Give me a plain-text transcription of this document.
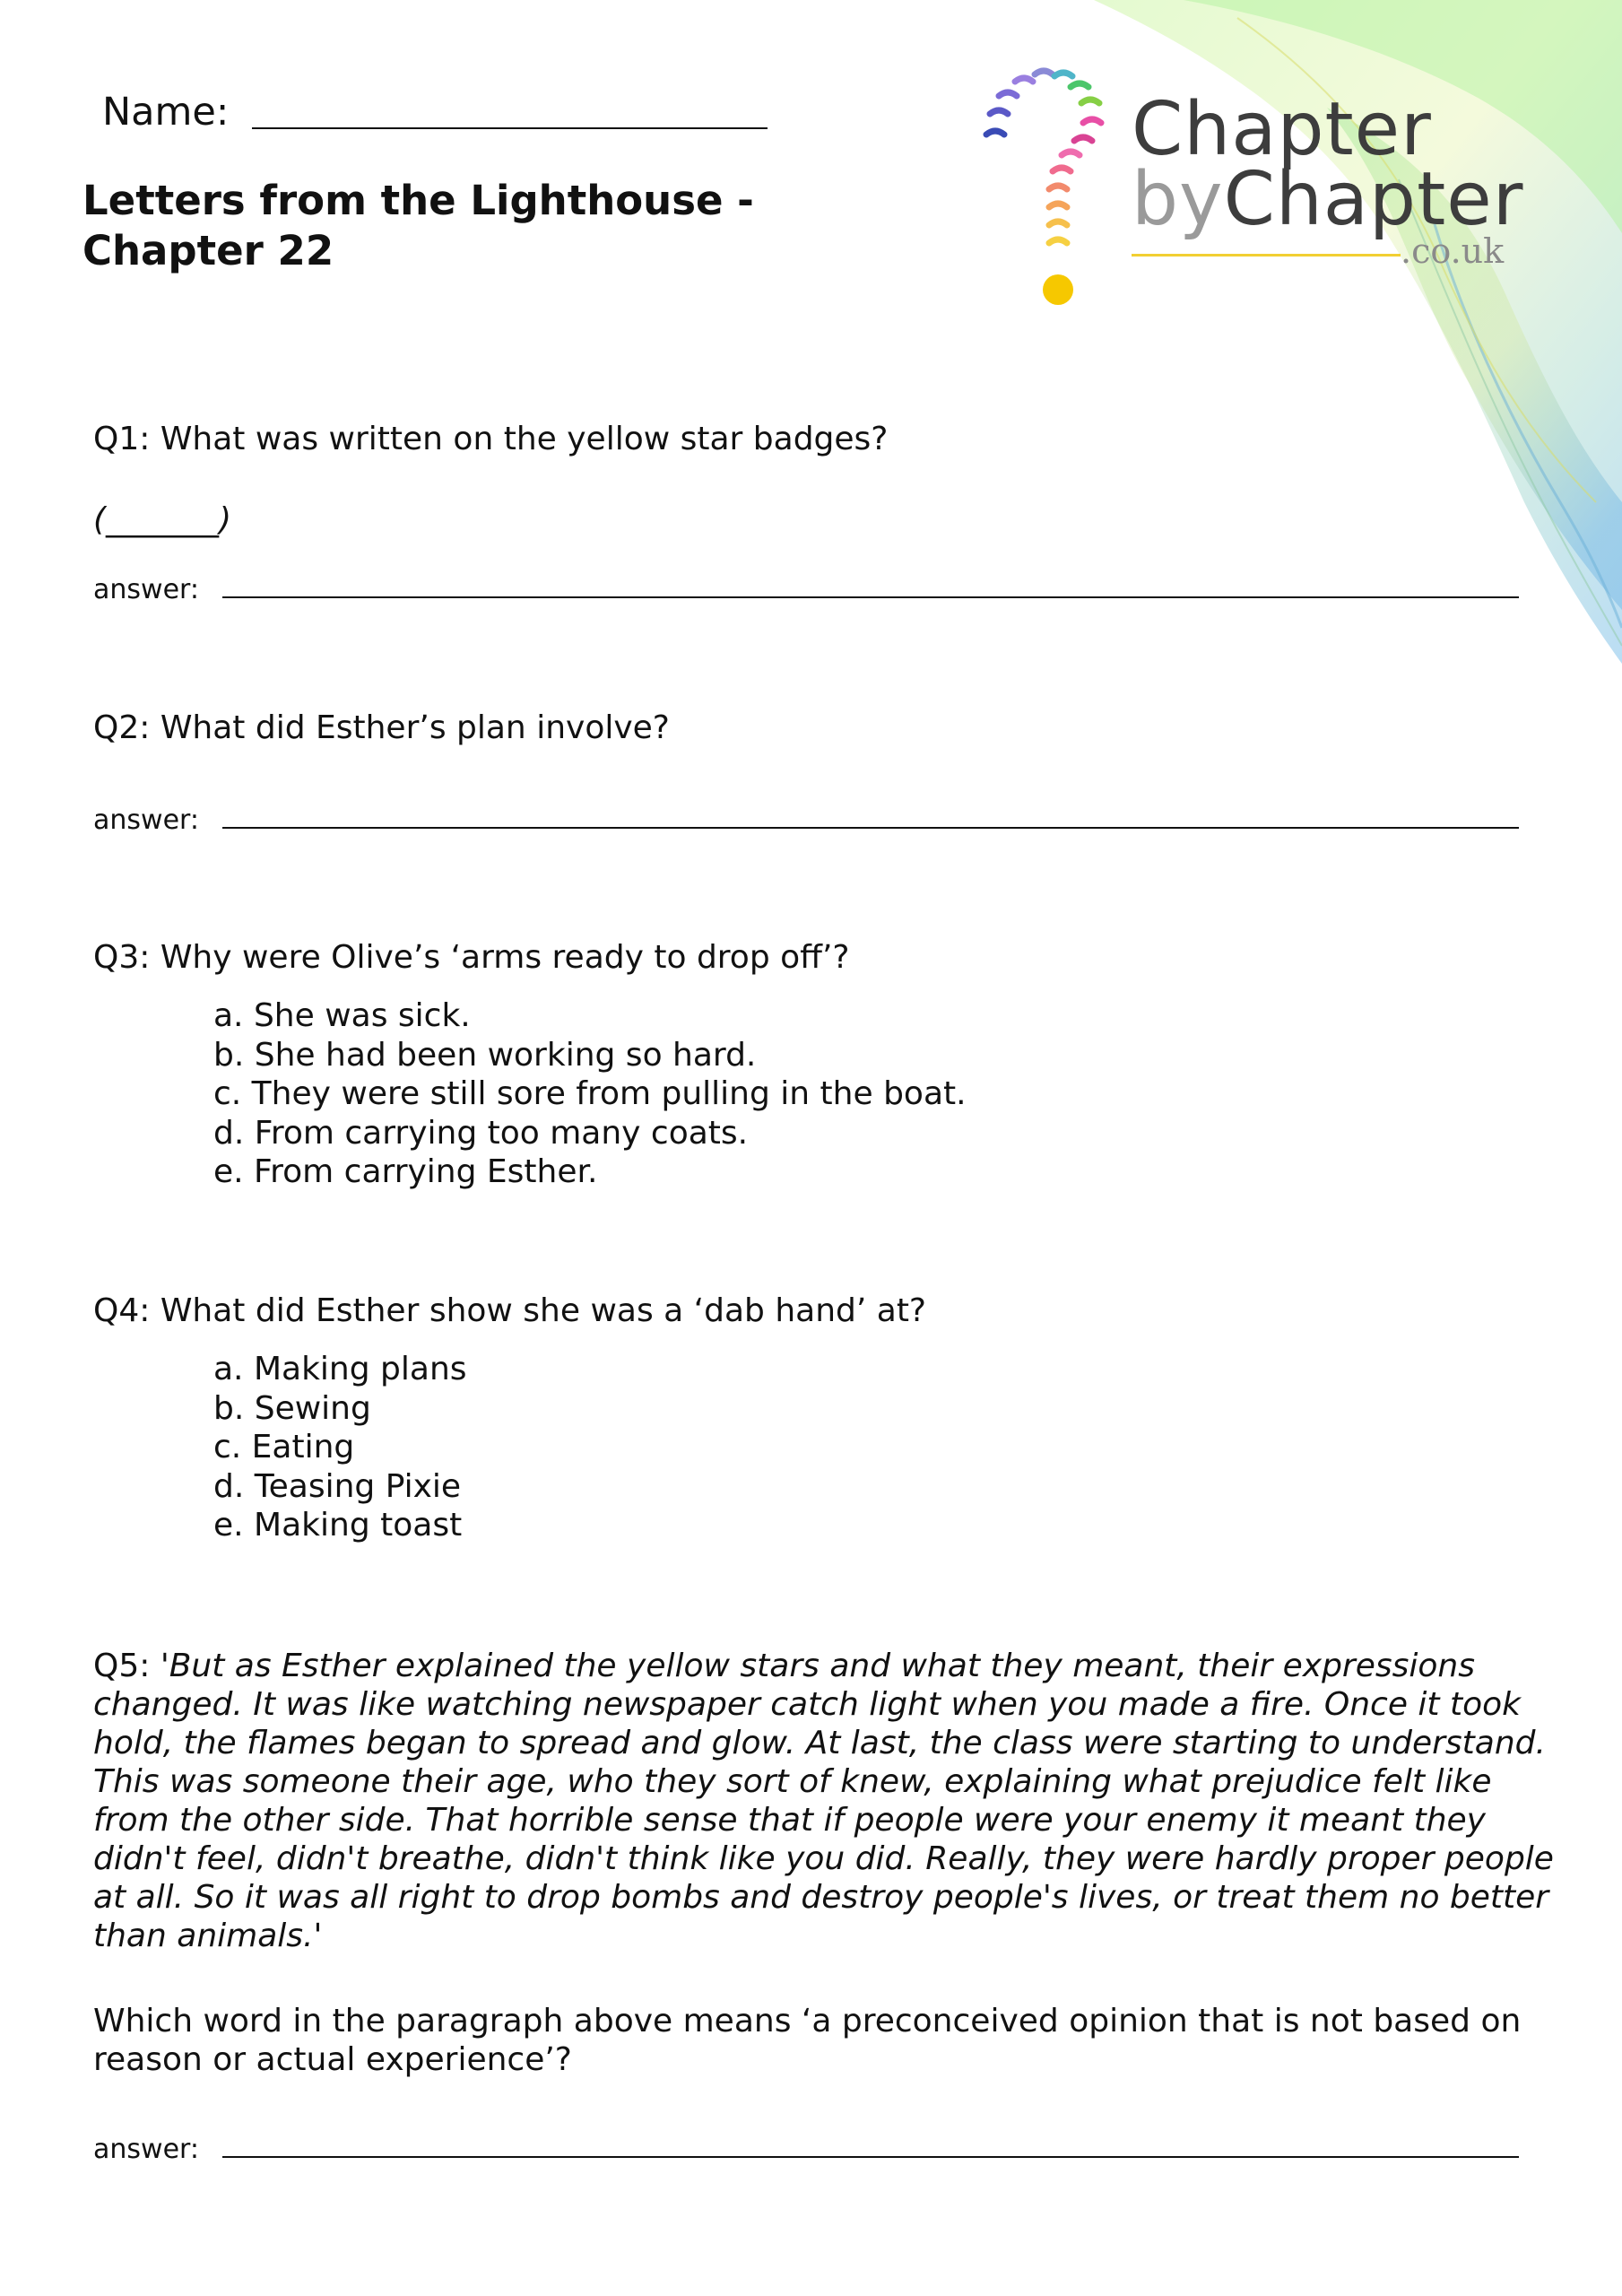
Name:
Letters from the Lighthouse - Chapter 22
Chapter
byChapter
.co.uk
Q1: What was written on the yellow star badges?
(_______)
answer:
Q2: What did Esther’s plan involve?
answer:
Q3: Why were Olive’s ‘arms ready to drop off’?
a. She was sick.
b. She had been working so hard.
c. They were still sore from pulling in the boat.
d. From carrying too many coats.
e. From carrying Esther.
Q4: What did Esther show she was a ‘dab hand’ at?
a. Making plans
b. Sewing
c. Eating
d. Teasing Pixie
e. Making toast
Q5: 'But as Esther explained the yellow stars and what they meant, their expressions changed. It was like watching newspaper catch light when you made a fire. Once it took hold, the flames began to spread and glow. At last, the class were starting to understand. This was someone their age, who they sort of knew, explaining what prejudice felt like from the other side. That horrible sense that if people were your enemy it meant they didn't feel, didn't breathe, didn't think like you did. Really, they were hardly proper people at all. So it was all right to drop bombs and destroy people's lives, or treat them no better than animals.'
Which word in the paragraph above means ‘a preconceived opinion that is not based on reason or actual experience’?
answer:
